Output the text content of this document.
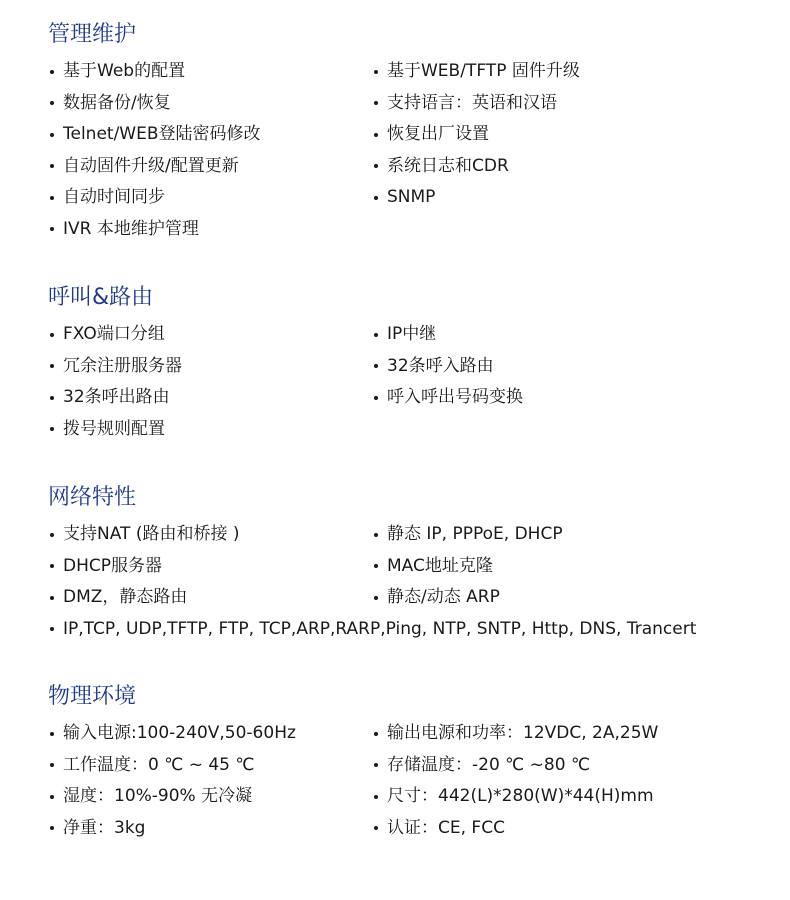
管理维护
基于Web的配置	基于WEB/TFTP 固件升级
数据备份/恢复	支持语言：英语和汉语
Telnet/WEB登陆密码修改	恢复出厂设置
自动固件升级/配置更新	系统日志和CDR
自动时间同步	SNMP
IVR 本地维护管理
呼叫&路由
FXO端口分组	IP中继
冗余注册服务器	32条呼入路由
32条呼出路由	呼入呼出号码变换
拨号规则配置
网络特性
支持NAT (路由和桥接 )	静态 IP, PPPoE, DHCP
DHCP服务器	MAC地址克隆
DMZ，静态路由	静态/动态 ARP
IP,TCP, UDP,TFTP, FTP, TCP,ARP,RARP,Ping, NTP, SNTP, Http, DNS, Trancert
物理环境
输入电源:100-240V,50-60Hz	输出电源和功率：12VDC, 2A,25W
工作温度：0 ℃ ~ 45 ℃	存储温度：-20 ℃ ~80 ℃
湿度：10%-90% 无冷凝	尺寸：442(L)*280(W)*44(H)mm
净重：3kg	认证：CE, FCC
